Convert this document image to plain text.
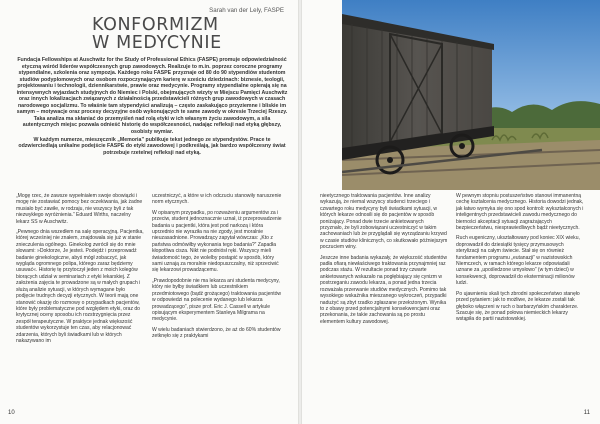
Sarah van der Lely, FASPE
KONFORMIZM
W MEDYCYNIE

Fundacja Fellowships at Auschwitz for the Study of Professional Ethics (FASPE) promuje odpowiedzialność etyczną wśród liderów współczesnych grup zawodowych. Realizuje to m.in. poprzez coroczne programy stypendialne, szkolenia oraz sympozja. Każdego roku FASPE przyznaje od 80 do 90 stypendiów studentom studiów podyplomowych oraz osobom rozpoczynającym karierę w sześciu dziedzinach: biznesie, teologii, projektowaniu i technologii, dziennikarstwie, prawie oraz medycynie. Programy stypendialne opierają się na intensywnych wyjazdach studyjnych do Niemiec i Polski, obejmujących wizyty w Miejscu Pamięci Auschwitz oraz innych lokalizacjach związanych z działalnością przedstawicieli różnych grup zawodowych w czasach narodowego socjalizmu. To właśnie tam stypendyści analizują – często zaskakująco przyziemne i bliskie im samym – motywacje oraz procesy decyzyjne osób wykonujących te same zawody w okresie Trzeciej Rzeszy. Taka analiza ma skłaniać do przemyśleń nad rolą etyki w ich własnym życiu zawodowym, a sila autentycznych miejsc pozwala odnieść historię do współczesności, nadając refleksji nad etyką głębszy, osobisty wymiar.

W każdym numerze, mieszęcznik „Memoria” publikuje tekst jednego ze stypendystów. Prace te odzwierciedlają unikalne podejście FASPE do etyki zawodowej i podkreślają, jak bardzo współczesny świat potrzebuje rzetelnej refleksji nad etyką.

„Mogę rzec, że zawsze wypełniałem swoje obowiązki i mogę nie zostawiać pomocy bez oczekiwania, jak żadne musiało być zawiłe, w rodzaju, nie wszyscy byli z tak niezwykłego wyróżnienia.” Eduard Wirths, naczelny lekarz SS w Auschwitz.

„Pewnego dnia wszedłem na salę operacyjną. Pacjentka, której wcześniej nie znałem, znajdowała się już w stanie znieczulenia ogólnego. Ginekolog zwrócił się do mnie słowami: »Doktorze, Je jesteś. Podejdź i przeprowadź badanie ginekologiczne, abyś mógł zobaczyć, jak wygląda ogromnego polipa, którego zaraz będziemy usuwać«. Historię tę przytoczył jeden z moich kolegów biorących udział w seminariach z etyki lekarskiej. Z założenia zajęcia te prowadzone są w małych grupach i służą analizie sytuacji, w których wymagane było podjęcie trudnych decyzji etycznych. W teorii mają one stanowić okazję do rozmowy o przypadkach pacjentów, które były problematyczne pod względem etyki, oraz do krytycznej oceny sposobu ich rozstrzygnięcia przez zespół terapeutyczne. W praktyce jednak większość studentów wykorzystuje ten czas, aby relacjonować zdarzenia, których byli świadkami lub w których nakazywano im

uczestniczyć, a które w ich odczuciu stanowiły naruszenie norm etycznych.

W opisanym przypadku, po rozważeniu argumentów za i przeciw, student jednoznacznie uznał, iż przeprowadzenie badania u pacjentki, która jest pod narkozą i która uprzednio nie wyraziła na nie zgody, jest moralnie nieuzasadnione. Prowadzący zapytał wówczas: „Kto z państwa odmówiłby wykonania tego badania?” Zapadła kłopotliwa cisza. Nikt nie podniósł ręki. Wszyscy mieli świadomość tego, że wolelby postąpić w sposób, który sami uznają za moralnie niedopuszczalny, niż sprzeciwić się lekarzowi prowadzącemu.

„Prawdopodobnie nie ma lekarza ani studenta medycyny, który nie byłby świadkiem lub uczestnikiem przedmiotowego (bądź grożącego) traktowania pacjentów w odpowiedzi na polecenie wydanego lub lekarza prowadzącego”, pisze prof. Eric J. Cassell w artykule opisującym eksperymentem Stanleya Milgrama na medycynie.

W wielu badaniach stwierdzono, że aż do 60% studentów zetknęło się z praktykami

10

nieetycznego traktowania pacjentów. Inne analizy wykazują, że niemal wszyscy studenci trzeciego i czwartego roku medycyny byli świadkami sytuacji, w których lekarze odnosili się do pacjentów w sposób poniżający. Ponad dwie trzecie ankietowanych przyznało, że byli zobowiązani uczestniczyć w takim zachowaniach lub że przyglądali się wyrządzaniu krzywd w czasie studiów klinicznych, co skutkowało późniejszym poczuciem winy.

Jeszcze inne badania wykazały, że większość studentów padła ofiarą niewłaściwego traktowania przynajmniej raz podczas stażu. W rezultacie ponad trzy czwarte ankietowanych wskazało na pogłębiający się cynizm w postrzeganiu zawodu lekarza, a ponad jedna trzecia rozważała przerwanie studiów medycznych. Pomimo tak wysokiego wskaźnika mieszanego wykroczeń, przypadki nadużyć są zbyt rzadko zgłaszane przełożonym. Wynika to z obawy przed potencjalnymi konsekwencjami oraz przekonania, że takie zachowania są po prostu elementem kultury zawodowej.

W pewnym stopniu postuszeństwo stanowi immanentną cechę kształcenia medycznego. Historia dowodzi jednak, jak łatwo wymyka się ono spod kontroli: wykształconych i inteligentnych przedstawicieli zawodu medycznego do bierności akceptacji sytuacji zagrażających bezpieczeństwu, niesprawiedliwych bądź nieetycznych.

Ruch eugeniczny, ukształtowany pod koniec XIX wieku, doprowadził do dziesiątki tysięcy przymusowych sterylizacji na całym świecie. Stał się on również fundamentem programu „eutanazji” w nazistowskich Niemczech, w ramach którego lekarze odpowiadali uznane za „upośledzone umysłowo” (w tym dzieci) w konsekwencji, doprowadził do eksterminacji milionów ludzi.

Po ujawnieniu skali tych zbrodni społeczeństwo stanęło przed pytaniem: jak to możliwe, że lekarze zostali tak głęboko włączeni w ruch o barbarzyńskim charakterze. Szacuje się, że ponad połowa niemieckich lekarzy wstąpiła do partii nazistowskiej.

11
